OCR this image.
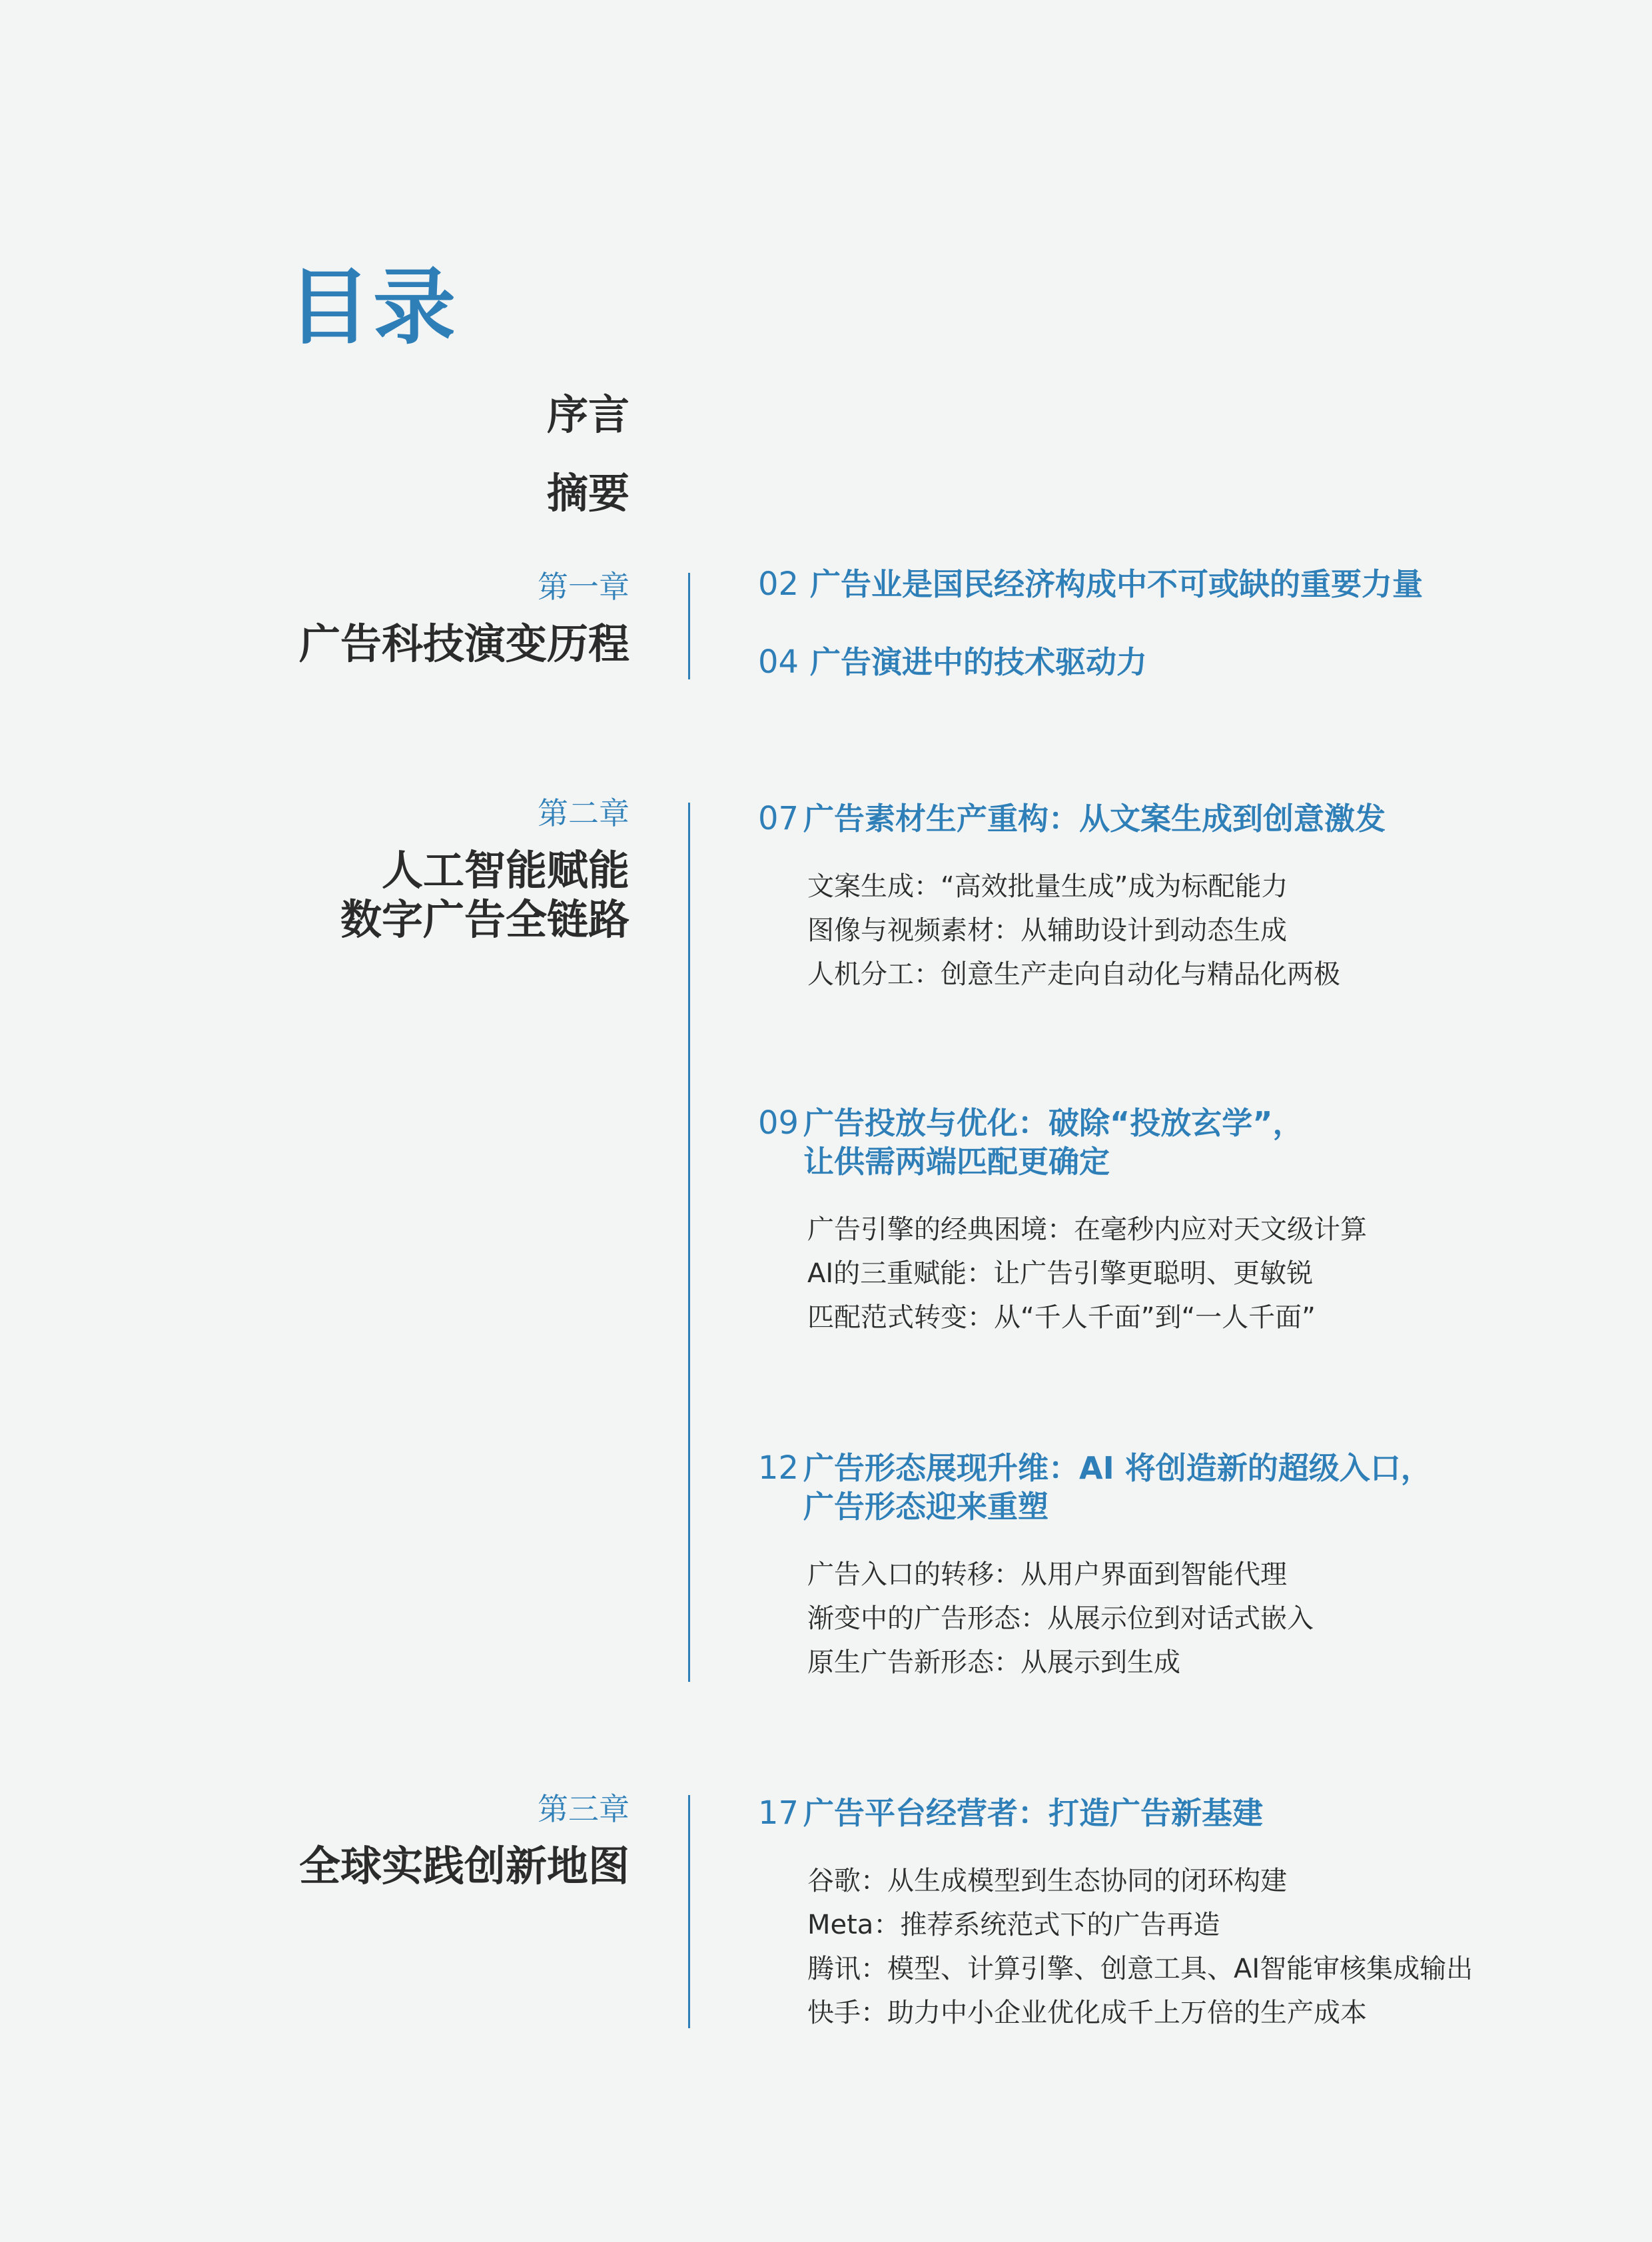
目录
序言
摘要
第一章
广告科技演变历程
02 广告业是国民经济构成中不可或缺的重要力量
04 广告演进中的技术驱动力
第二章
人工智能赋能
数字广告全链路
07 广告素材生产重构：从文案生成到创意激发
文案生成：“高效批量生成”成为标配能力
图像与视频素材：从辅助设计到动态生成
人机分工：创意生产走向自动化与精品化两极
09 广告投放与优化：破除“投放玄学”，
让供需两端匹配更确定
广告引擎的经典困境：在毫秒内应对天文级计算
AI的三重赋能：让广告引擎更聪明、更敏锐
匹配范式转变：从“千人千面”到“一人千面”
12 广告形态展现升维：AI 将创造新的超级入口，
广告形态迎来重塑
广告入口的转移：从用户界面到智能代理
渐变中的广告形态：从展示位到对话式嵌入
原生广告新形态：从展示到生成
第三章
全球实践创新地图
17 广告平台经营者：打造广告新基建
谷歌：从生成模型到生态协同的闭环构建
Meta：推荐系统范式下的广告再造
腾讯：模型、计算引擎、创意工具、AI智能审核集成输出
快手：助力中小企业优化成千上万倍的生产成本
